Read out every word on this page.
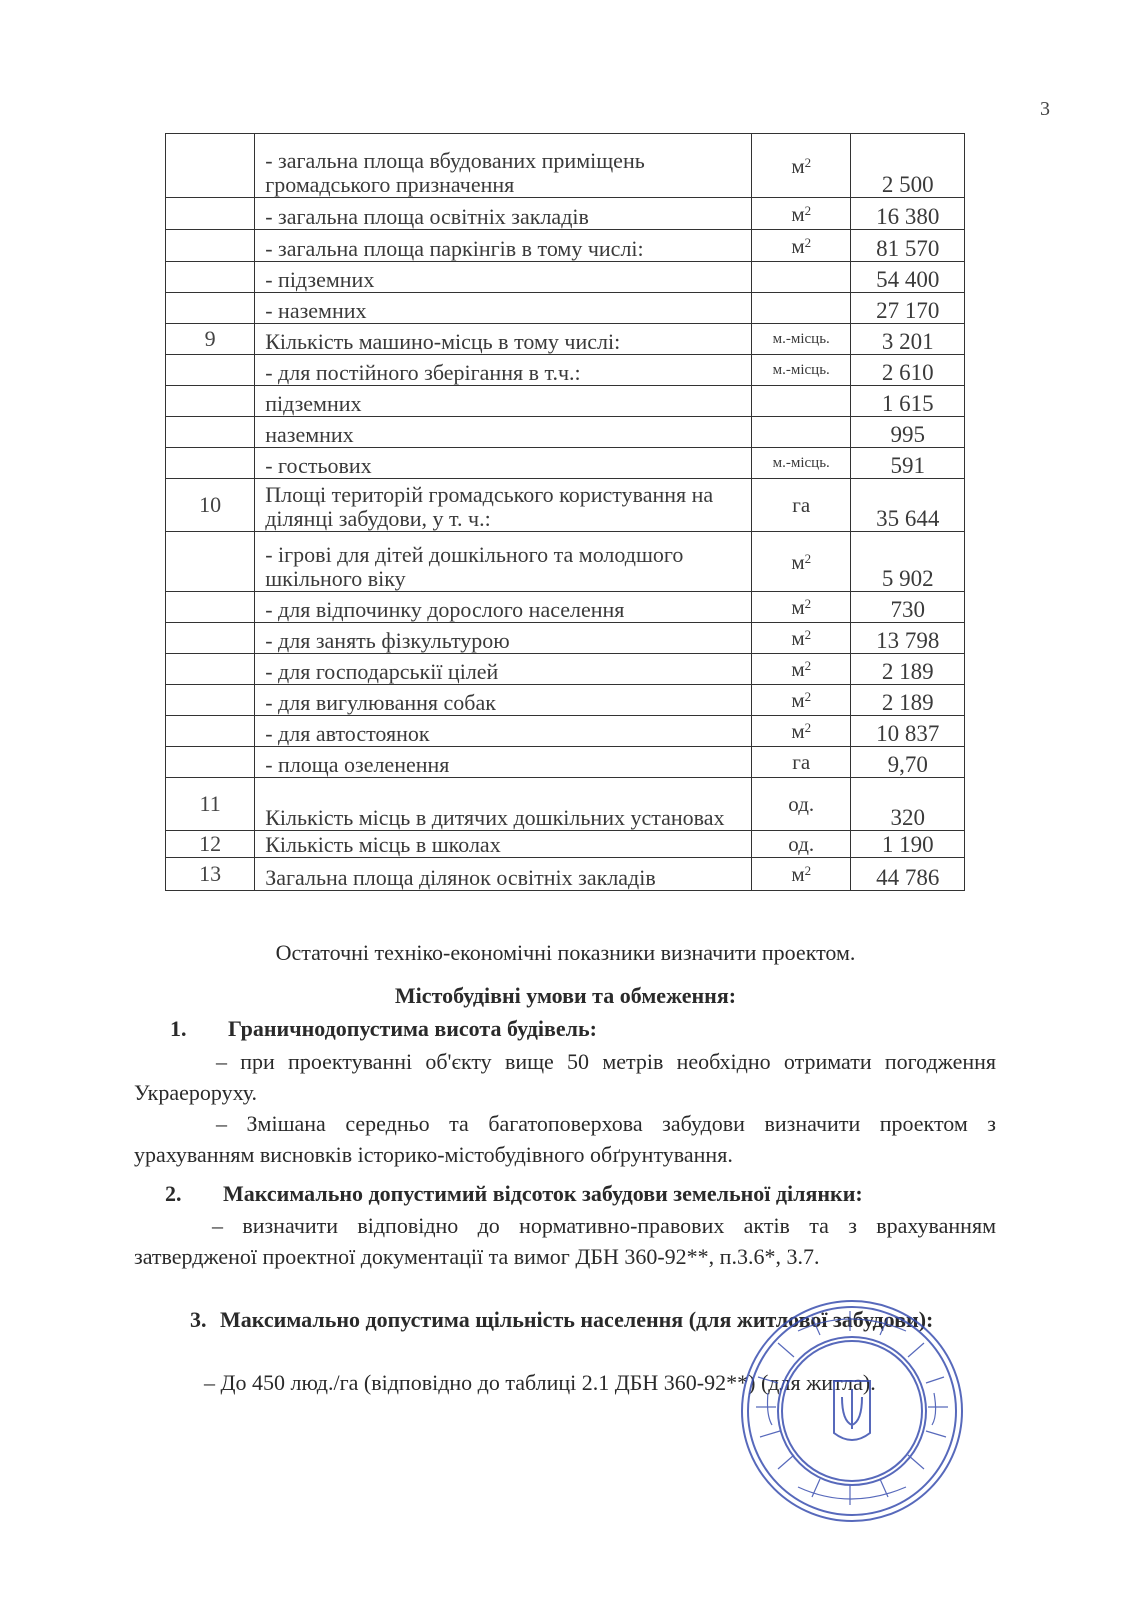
3
	- загальна площа вбудованих приміщень громадського призначення	$м^2$	2 500
	- загальна площа освітніх закладів	$м^2$	16 380
	- загальна площа паркінгів в тому числі:	$м^2$	81 570
	- підземних		54 400
	- наземних		27 170
9	Кількість машино-місць в тому числі:	м.-місць.	3 201
	- для постійного зберігання в т.ч.:	м.-місць.	2 610
	підземних		1 615
	наземних		995
	- гостьових	м.-місць.	591
10	Площі територій громадського користування на ділянці забудови, у т. ч.:	га	35 644
	- ігрові для дітей дошкільного та молодшого шкільного віку	$м^2$	5 902
	- для відпочинку дорослого населення	$м^2$	730
	- для занять фізкультурою	$м^2$	13 798
	- для господарськії цілей	$м^2$	2 189
	- для вигулювання собак	$м^2$	2 189
	- для автостоянок	$м^2$	10 837
	- площа озеленення	га	9,70
11	Кількість місць в дитячих дошкільних установах	од.	320
12	Кількість місць в школах	од.	1 190
13	Загальна площа ділянок освітніх закладів	$м^2$	44 786
Остаточні техніко-економічні показники визначити проектом.
Містобудівні умови та обмеження:
1. Граничнодопустима висота будівель:
– при проектуванні об'єкту вище 50 метрів необхідно отримати погодження Украероруху.
– Змішана середньо та багатоповерхова забудови визначити проектом з урахуванням висновків історико-містобудівного обґрунтування.
2. Максимально допустимий відсоток забудови земельної ділянки:
– визначити відповідно до нормативно-правових актів та з врахуванням затвердженої проектної документації та вимог ДБН 360-92**, п.3.6*, 3.7.
3. Максимально допустима щільність населення (для житлової забудови):
– До 450 люд./га (відповідно до таблиці 2.1 ДБН 360-92**) (для житла).
